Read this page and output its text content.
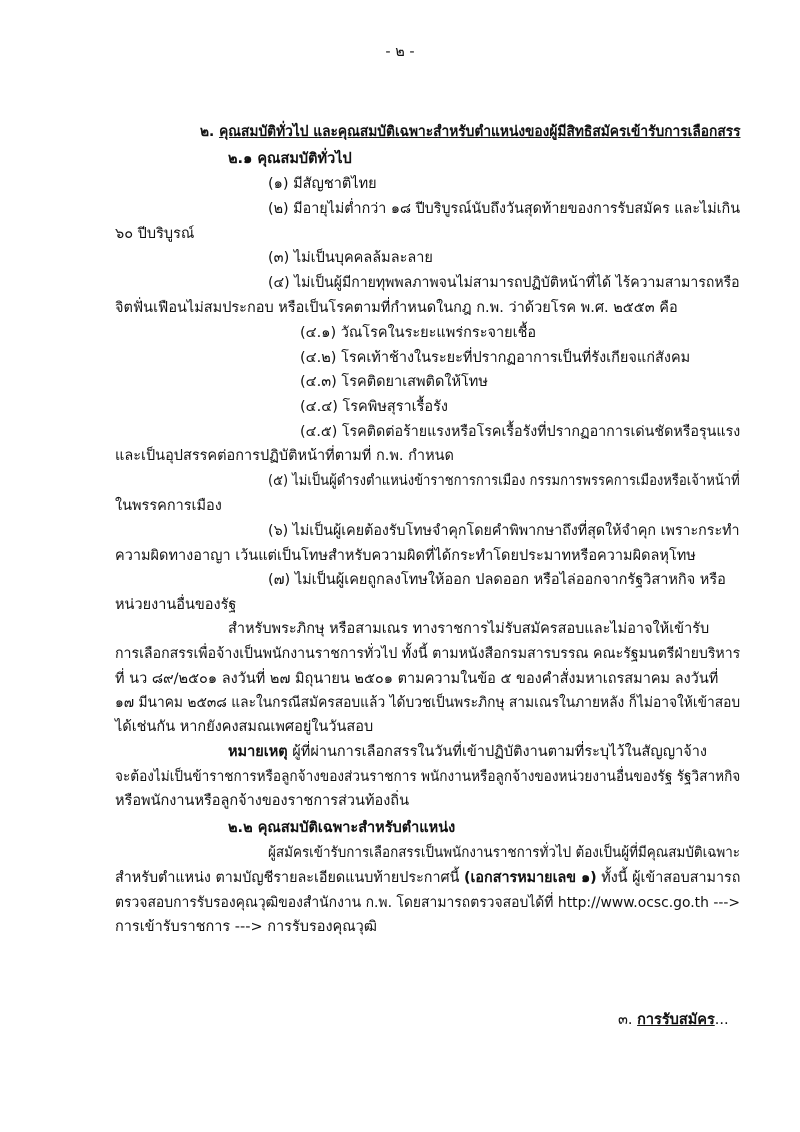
- ๒ -
๒. คุณสมบัติทั่วไป และคุณสมบัติเฉพาะสำหรับตำแหน่งของผู้มีสิทธิสมัครเข้ารับการเลือกสรร
๒.๑ คุณสมบัติทั่วไป
(๑) มีสัญชาติไทย
(๒) มีอายุไม่ต่ำกว่า ๑๘ ปีบริบูรณ์นับถึงวันสุดท้ายของการรับสมัคร และไม่เกิน
๖๐ ปีบริบูรณ์
(๓) ไม่เป็นบุคคลล้มละลาย
(๔) ไม่เป็นผู้มีกายทุพพลภาพจนไม่สามารถปฏิบัติหน้าที่ได้ ไร้ความสามารถหรือ
จิตฟั่นเฟือนไม่สมประกอบ หรือเป็นโรคตามที่กำหนดในกฎ ก.พ. ว่าด้วยโรค พ.ศ. ๒๕๕๓ คือ
(๔.๑) วัณโรคในระยะแพร่กระจายเชื้อ
(๔.๒) โรคเท้าช้างในระยะที่ปรากฏอาการเป็นที่รังเกียจแก่สังคม
(๔.๓) โรคติดยาเสพติดให้โทษ
(๔.๔) โรคพิษสุราเรื้อรัง
(๔.๕) โรคติดต่อร้ายแรงหรือโรคเรื้อรังที่ปรากฏอาการเด่นชัดหรือรุนแรง
และเป็นอุปสรรคต่อการปฏิบัติหน้าที่ตามที่ ก.พ. กำหนด
(๕) ไม่เป็นผู้ดำรงตำแหน่งข้าราชการการเมือง กรรมการพรรคการเมืองหรือเจ้าหน้าที่
ในพรรคการเมือง
(๖) ไม่เป็นผู้เคยต้องรับโทษจำคุกโดยคำพิพากษาถึงที่สุดให้จำคุก เพราะกระทำ
ความผิดทางอาญา เว้นแต่เป็นโทษสำหรับความผิดที่ได้กระทำโดยประมาทหรือความผิดลหุโทษ
(๗) ไม่เป็นผู้เคยถูกลงโทษให้ออก ปลดออก หรือไล่ออกจากรัฐวิสาหกิจ หรือ
หน่วยงานอื่นของรัฐ
สำหรับพระภิกษุ หรือสามเณร ทางราชการไม่รับสมัครสอบและไม่อาจให้เข้ารับ
การเลือกสรรเพื่อจ้างเป็นพนักงานราชการทั่วไป ทั้งนี้ ตามหนังสือกรมสารบรรณ คณะรัฐมนตรีฝ่ายบริหาร
ที่ นว ๘๙/๒๕๐๑ ลงวันที่ ๒๗ มิถุนายน ๒๕๐๑ ตามความในข้อ ๕ ของคำสั่งมหาเถรสมาคม ลงวันที่
๑๗ มีนาคม ๒๕๓๘ และในกรณีสมัครสอบแล้ว ได้บวชเป็นพระภิกษุ สามเณรในภายหลัง ก็ไม่อาจให้เข้าสอบ
ได้เช่นกัน หากยังคงสมณเพศอยู่ในวันสอบ
หมายเหตุ ผู้ที่ผ่านการเลือกสรรในวันที่เข้าปฏิบัติงานตามที่ระบุไว้ในสัญญาจ้าง
จะต้องไม่เป็นข้าราชการหรือลูกจ้างของส่วนราชการ พนักงานหรือลูกจ้างของหน่วยงานอื่นของรัฐ รัฐวิสาหกิจ
หรือพนักงานหรือลูกจ้างของราชการส่วนท้องถิ่น
๒.๒ คุณสมบัติเฉพาะสำหรับตำแหน่ง
ผู้สมัครเข้ารับการเลือกสรรเป็นพนักงานราชการทั่วไป ต้องเป็นผู้ที่มีคุณสมบัติเฉพาะ
สำหรับตำแหน่ง ตามบัญชีรายละเอียดแนบท้ายประกาศนี้ (เอกสารหมายเลข ๑) ทั้งนี้ ผู้เข้าสอบสามารถ
ตรวจสอบการรับรองคุณวุฒิของสำนักงาน ก.พ. โดยสามารถตรวจสอบได้ที่ http://www.ocsc.go.th --->
การเข้ารับราชการ ---> การรับรองคุณวุฒิ
๓. การรับสมัคร...
